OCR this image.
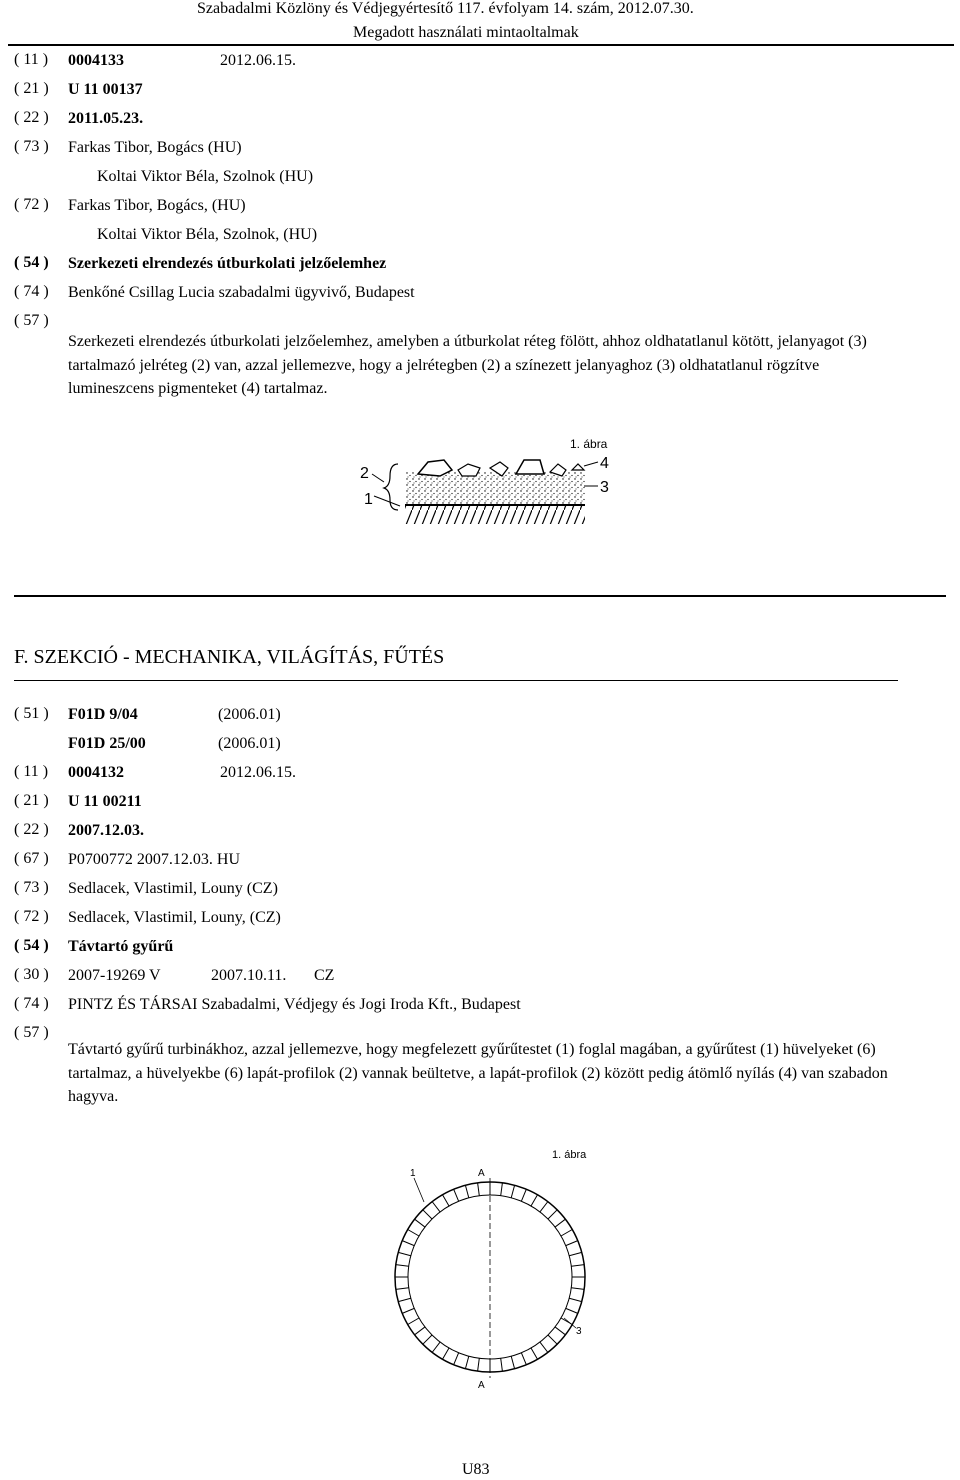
Szabadalmi Közlöny és Védjegyértesítő 117. évfolyam 14. szám, 2012.07.30.
Megadott használati mintaoltalmak
( 11 )	0004133	2012.06.15.
( 21 )	U 11 00137
( 22 )	2011.05.23.
( 73 )	Farkas Tibor, Bogács (HU)
Koltai Viktor Béla, Szolnok (HU)
( 72 )	Farkas Tibor, Bogács, (HU)
Koltai Viktor Béla, Szolnok, (HU)
( 54 )	Szerkezeti elrendezés útburkolati jelzőelemhez
( 74 )	Benkőné Csillag Lucia szabadalmi ügyvivő, Budapest
( 57 )
Szerkezeti elrendezés útburkolati jelzőelemhez, amelyben a útburkolat réteg fölött, ahhoz oldhatatlanul kötött, jelanyagot (3) tartalmazó jelréteg (2) van, azzal jellemezve, hogy a jelrétegben (2) a színezett jelanyaghoz (3) oldhatatlanul rögzítve lumineszcens pigmenteket (4) tartalmaz.
1. ábra
2
1
4
3
F. SZEKCIÓ - MECHANIKA, VILÁGÍTÁS, FŰTÉS
( 51 )	F01D 9/04	(2006.01)
F01D 25/00	(2006.01)
( 11 )	0004132	2012.06.15.
( 21 )	U 11 00211
( 22 )	2007.12.03.
( 67 )	P0700772 2007.12.03. HU
( 73 )	Sedlacek, Vlastimil, Louny (CZ)
( 72 )	Sedlacek, Vlastimil, Louny, (CZ)
( 54 )	Távtartó gyűrű
( 30 )	2007-19269 V	2007.10.11. CZ
( 74 )	PINTZ ÉS TÁRSAI Szabadalmi, Védjegy és Jogi Iroda Kft., Budapest
( 57 )
Távtartó gyűrű turbinákhoz, azzal jellemezve, hogy megfelezett gyűrűtestet (1) foglal magában, a gyűrűtest (1) hüvelyeket (6) tartalmaz, a hüvelyekbe (6) lapát-profilok (2) vannak beültetve, a lapát-profilok (2) között pedig átömlő nyílás (4) van szabadon hagyva.
1. ábra
1	A
3
A
U83
